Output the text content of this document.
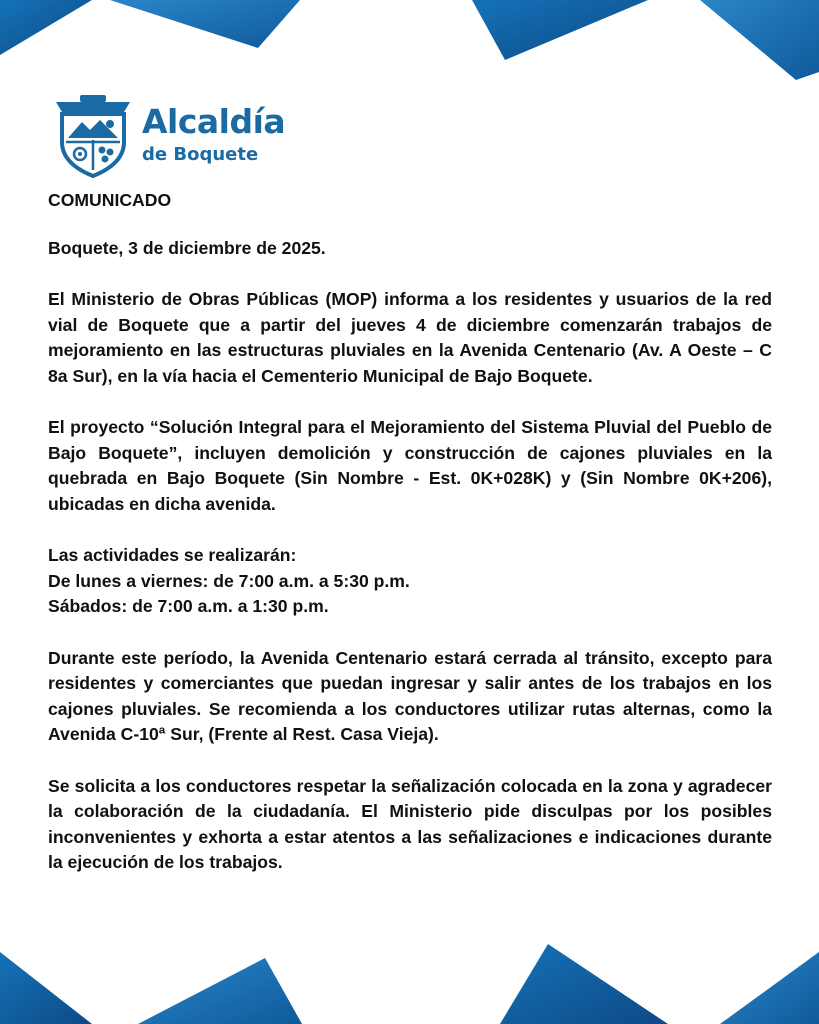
Alcaldía
de Boquete

COMUNICADO

Boquete, 3 de diciembre de 2025.

El Ministerio de Obras Públicas (MOP) informa a los residentes y usuarios de la red vial de Boquete que a partir del jueves 4 de diciembre comenzarán trabajos de mejoramiento en las estructuras pluviales en la Avenida Centenario (Av. A Oeste – C 8a Sur), en la vía hacia el Cementerio Municipal de Bajo Boquete.

El proyecto “Solución Integral para el Mejoramiento del Sistema Pluvial del Pueblo de Bajo Boquete”, incluyen demolición y construcción de cajones pluviales en la quebrada en Bajo Boquete (Sin Nombre - Est. 0K+028K) y (Sin Nombre 0K+206), ubicadas en dicha avenida.

Las actividades se realizarán:
De lunes a viernes: de 7:00 a.m. a 5:30 p.m.
Sábados: de 7:00 a.m. a 1:30 p.m.

Durante este período, la Avenida Centenario estará cerrada al tránsito, excepto para residentes y comerciantes que puedan ingresar y salir antes de los trabajos en los cajones pluviales. Se recomienda a los conductores utilizar rutas alternas, como la Avenida C-10ª Sur, (Frente al Rest. Casa Vieja).

Se solicita a los conductores respetar la señalización colocada en la zona y agradecer la colaboración de la ciudadanía. El Ministerio pide disculpas por los posibles inconvenientes y exhorta a estar atentos a las señalizaciones e indicaciones durante la ejecución de los trabajos.
